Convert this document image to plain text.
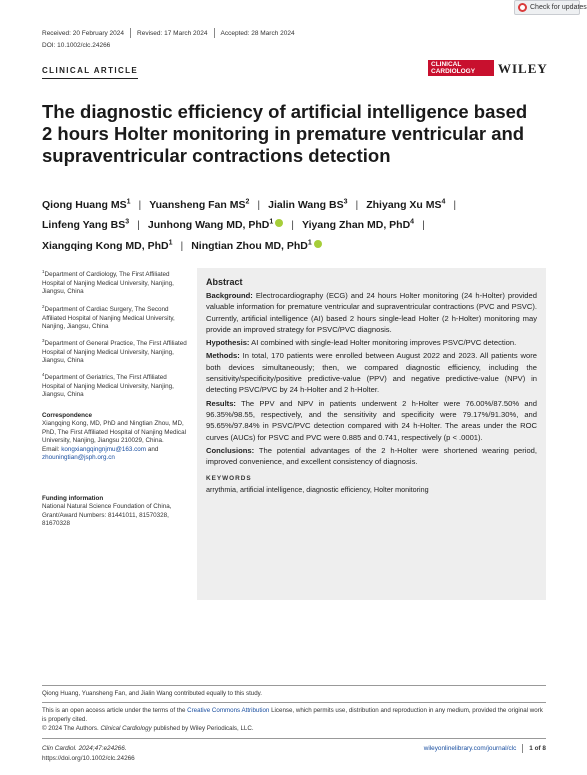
Check for updates
Received: 20 February 2024 Revised: 17 March 2024 Accepted: 28 March 2024
DOI: 10.1002/clc.24266
CLINICAL ARTICLE
CLINICAL CARDIOLOGY	WILEY
The diagnostic efficiency of artificial intelligence based 2 hours Holter monitoring in premature ventricular and supraventricular contractions detection
Qiong Huang $MS^1$ | Yuansheng Fan $MS^2$ | Jialin Wang $BS^3$ | Zhiyang Xu $MS^4$ |
Linfeng Yang $BS^3$ | Junhong Wang MD, PhD$^1$ | Yiyang Zhan MD, PhD$^4$ |
Xiangqing Kong MD, PhD$^1$ | Ningtian Zhou MD, PhD$^1$
$^1$Department of Cardiology, The First Affiliated Hospital of Nanjing Medical University, Nanjing, Jiangsu, China
$^2$Department of Cardiac Surgery, The Second Affiliated Hospital of Nanjing Medical University, Nanjing, Jiangsu, China
$^3$Department of General Practice, The First Affiliated Hospital of Nanjing Medical University, Nanjing, Jiangsu, China
$^4$Department of Geriatrics, The First Affiliated Hospital of Nanjing Medical University, Nanjing, Jiangsu, China
Correspondence
Xiangqing Kong, MD, PhD and Ningtian Zhou, MD, PhD, The First Affiliated Hospital of Nanjing Medical University, Nanjing, Jiangsu 210029, China.
Email: kongxiangqingnjmu@163.com and zhouningtian@jsph.org.cn
Funding information
National Natural Science Foundation of China, Grant/Award Numbers: 81441011, 81570328, 81670328
Abstract

Background: Electrocardiography (ECG) and 24 hours Holter monitoring (24 h-Holter) provided valuable information for premature ventricular and supraventricular contractions (PVC and PSVC). Currently, artificial intelligence (AI) based 2 hours single-lead Holter (2 h-Holter) monitoring may provide an improved strategy for PSVC/PVC diagnosis.

Hypothesis: AI combined with single-lead Holter monitoring improves PSVC/PVC detection.

Methods: In total, 170 patients were enrolled between August 2022 and 2023. All patients wore both devices simultaneously; then, we compared diagnostic efficiency, including the sensitivity/specificity/positive predictive-value (PPV) and negative predictive-value (NPV) in detecting PSVC/PVC by 24 h-Holter and 2 h-Holter.

Results: The PPV and NPV in patients underwent 2 h-Holter were 76.00%/87.50% and 96.35%/98.55, respectively, and the sensitivity and specificity were 79.17%/91.30%, and 95.65%/97.84% in PSVC/PVC detection compared with 24 h-Holter. The areas under the ROC curves (AUCs) for PSVC and PVC were 0.885 and 0.741, respectively (p < .0001).

Conclusions: The potential advantages of the 2 h-Holter were shortened wearing period, improved convenience, and excellent consistency of diagnosis.

KEYWORDS
arrythmia, artificial intelligence, diagnostic efficiency, Holter monitoring
Qiong Huang, Yuansheng Fan, and Jialin Wang contributed equally to this study.
This is an open access article under the terms of the Creative Commons Attribution License, which permits use, distribution and reproduction in any medium, provided the original work is properly cited.
© 2024 The Authors. Clinical Cardiology published by Wiley Periodicals, LLC.
Clin Cardiol. 2024;47:e24266.
https://doi.org/10.1002/clc.24266
wileyonlinelibrary.com/journal/clc 1 of 8
